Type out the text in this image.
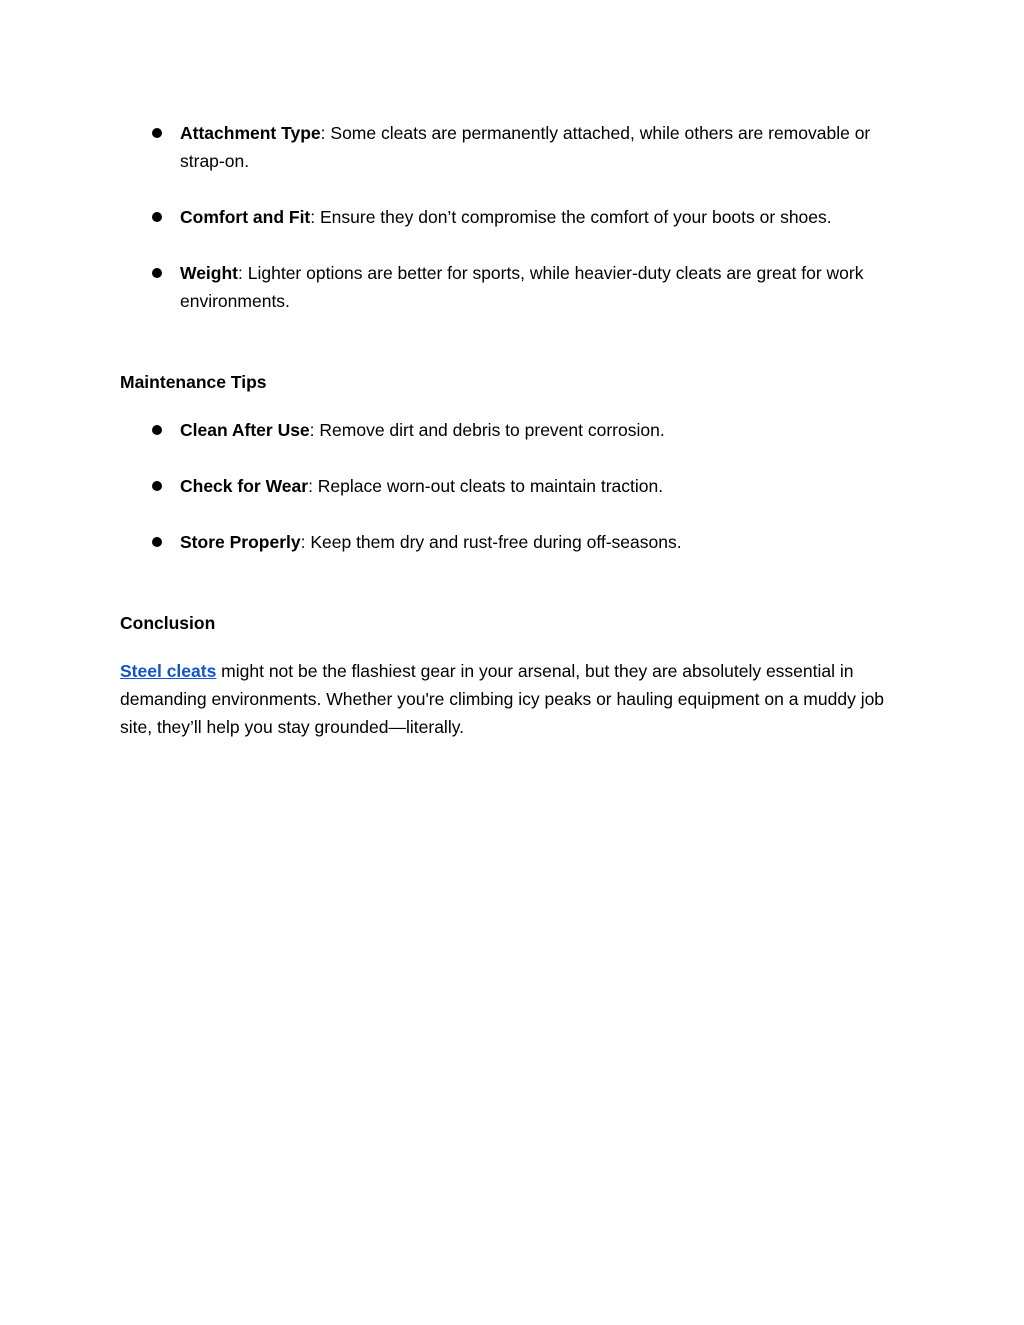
Attachment Type: Some cleats are permanently attached, while others are removable or strap-on.
Comfort and Fit: Ensure they don’t compromise the comfort of your boots or shoes.
Weight: Lighter options are better for sports, while heavier-duty cleats are great for work environments.
Maintenance Tips
Clean After Use: Remove dirt and debris to prevent corrosion.
Check for Wear: Replace worn-out cleats to maintain traction.
Store Properly: Keep them dry and rust-free during off-seasons.
Conclusion

Steel cleats might not be the flashiest gear in your arsenal, but they are absolutely essential in demanding environments. Whether you're climbing icy peaks or hauling equipment on a muddy job site, they’ll help you stay grounded—literally.
